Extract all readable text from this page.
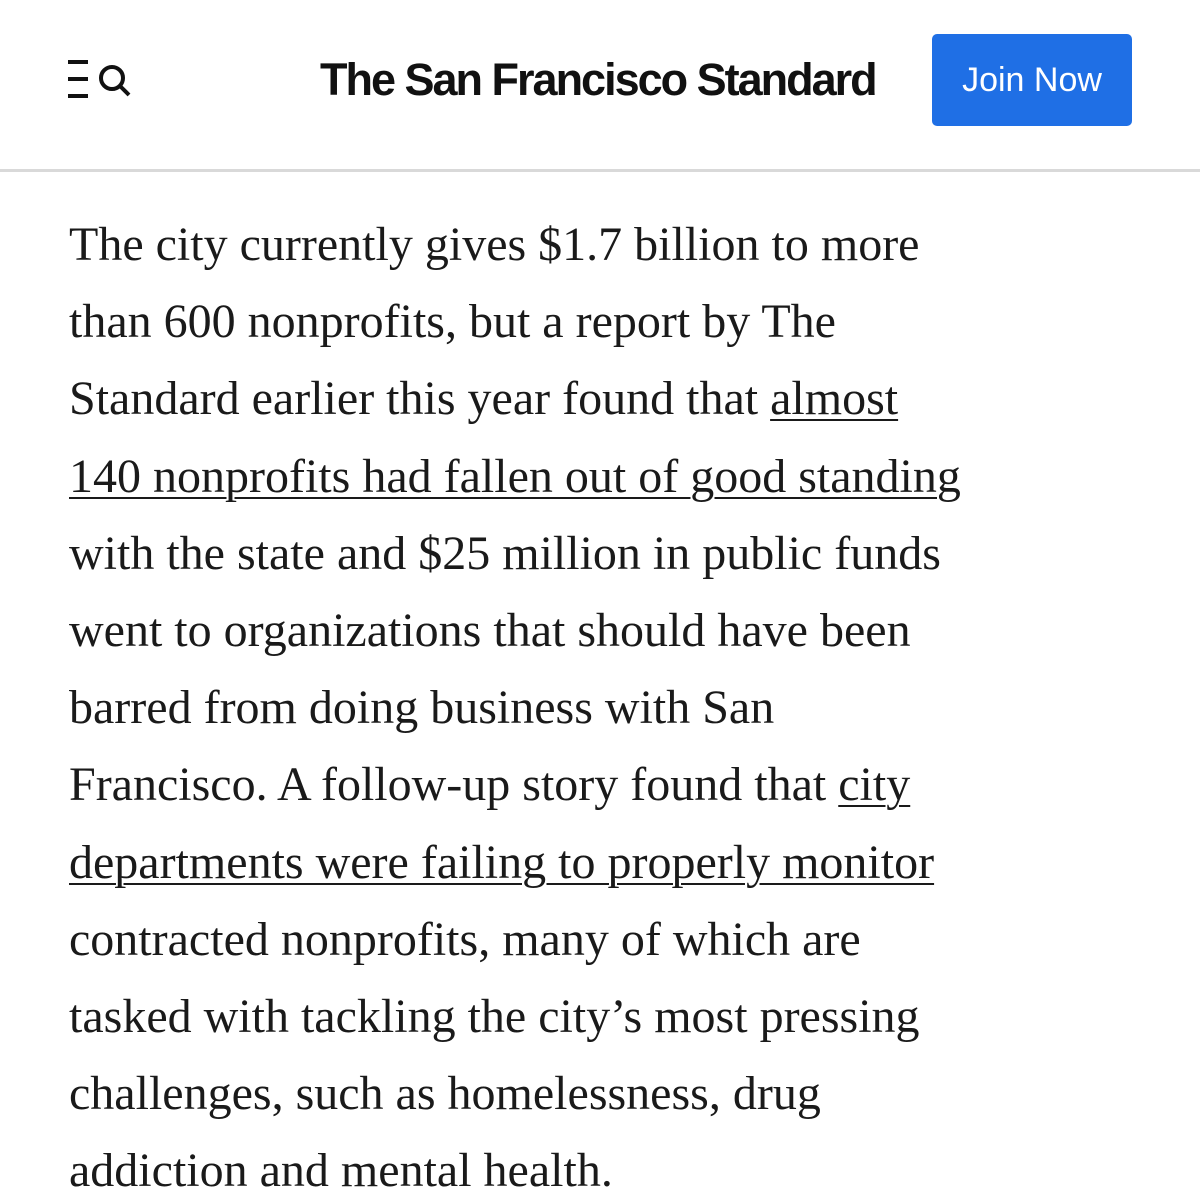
The San Francisco Standard	Join Now

The city currently gives $1.7 billion to more
than 600 nonprofits, but a report by The
Standard earlier this year found that almost
140 nonprofits had fallen out of good standing
with the state and $25 million in public funds
went to organizations that should have been
barred from doing business with San
Francisco. A follow-up story found that city
departments were failing to properly monitor
contracted nonprofits, many of which are
tasked with tackling the city’s most pressing
challenges, such as homelessness, drug
addiction and mental health.
